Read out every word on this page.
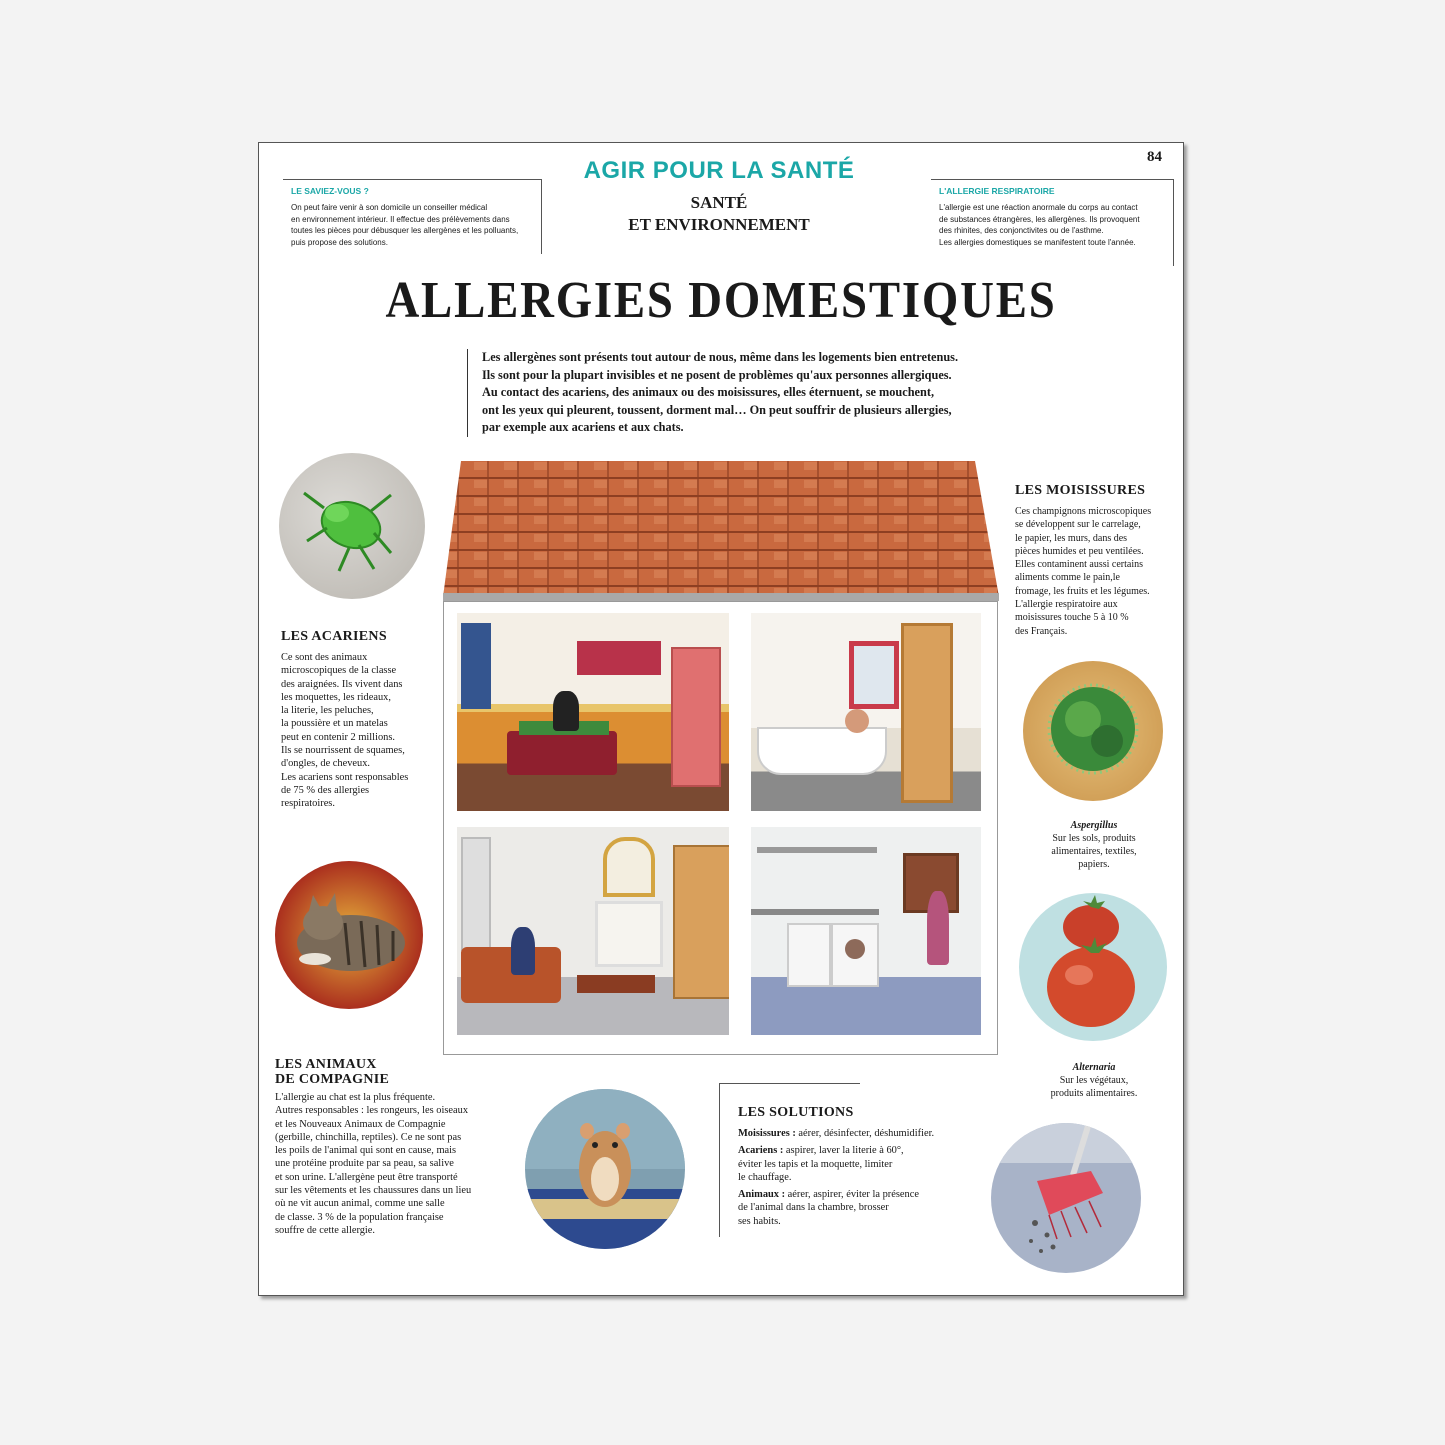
84
AGIR POUR LA SANTÉ
SANTÉ
ET ENVIRONNEMENT
LE SAVIEZ-VOUS ?
On peut faire venir à son domicile un conseiller médical
en environnement intérieur. Il effectue des prélèvements dans
toutes les pièces pour débusquer les allergènes et les polluants,
puis propose des solutions.
L'ALLERGIE RESPIRATOIRE
L'allergie est une réaction anormale du corps au contact
de substances étrangères, les allergènes. Ils provoquent
des rhinites, des conjonctivites ou de l'asthme.
Les allergies domestiques se manifestent toute l'année.
ALLERGIES DOMESTIQUES
Les allergènes sont présents tout autour de nous, même dans les logements bien entretenus.
Ils sont pour la plupart invisibles et ne posent de problèmes qu'aux personnes allergiques.
Au contact des acariens, des animaux ou des moisissures, elles éternuent, se mouchent,
ont les yeux qui pleurent, toussent, dorment mal… On peut souffrir de plusieurs allergies,
par exemple aux acariens et aux chats.
LES ACARIENS
Ce sont des animaux
microscopiques de la classe
des araignées. Ils vivent dans
les moquettes, les rideaux,
la literie, les peluches,
la poussière et un matelas
peut en contenir 2 millions.
Ils se nourrissent de squames,
d'ongles, de cheveux.
Les acariens sont responsables
de 75 % des allergies
respiratoires.
LES ANIMAUX
DE COMPAGNIE
L'allergie au chat est la plus fréquente.
Autres responsables : les rongeurs, les oiseaux
et les Nouveaux Animaux de Compagnie
(gerbille, chinchilla, reptiles). Ce ne sont pas
les poils de l'animal qui sont en cause, mais
une protéine produite par sa peau, sa salive
et son urine. L'allergène peut être transporté
sur les vêtements et les chaussures dans un lieu
où ne vit aucun animal, comme une salle
de classe. 3 % de la population française
souffre de cette allergie.
LES MOISISSURES
Ces champignons microscopiques
se développent sur le carrelage,
le papier, les murs, dans des
pièces humides et peu ventilées.
Elles contaminent aussi certains
aliments comme le pain,le
fromage, les fruits et les légumes.
L'allergie respiratoire aux
moisissures touche 5 à 10 %
des Français.
Aspergillus
Sur les sols, produits
alimentaires, textiles,
papiers.
Alternaria
Sur les végétaux,
produits alimentaires.
LES SOLUTIONS
Moisissures : aérer, désinfecter, déshumidifier.
Acariens : aspirer, laver la literie à 60°,
éviter les tapis et la moquette, limiter
le chauffage.
Animaux : aérer, aspirer, éviter la présence
de l'animal dans la chambre, brosser
ses habits.
